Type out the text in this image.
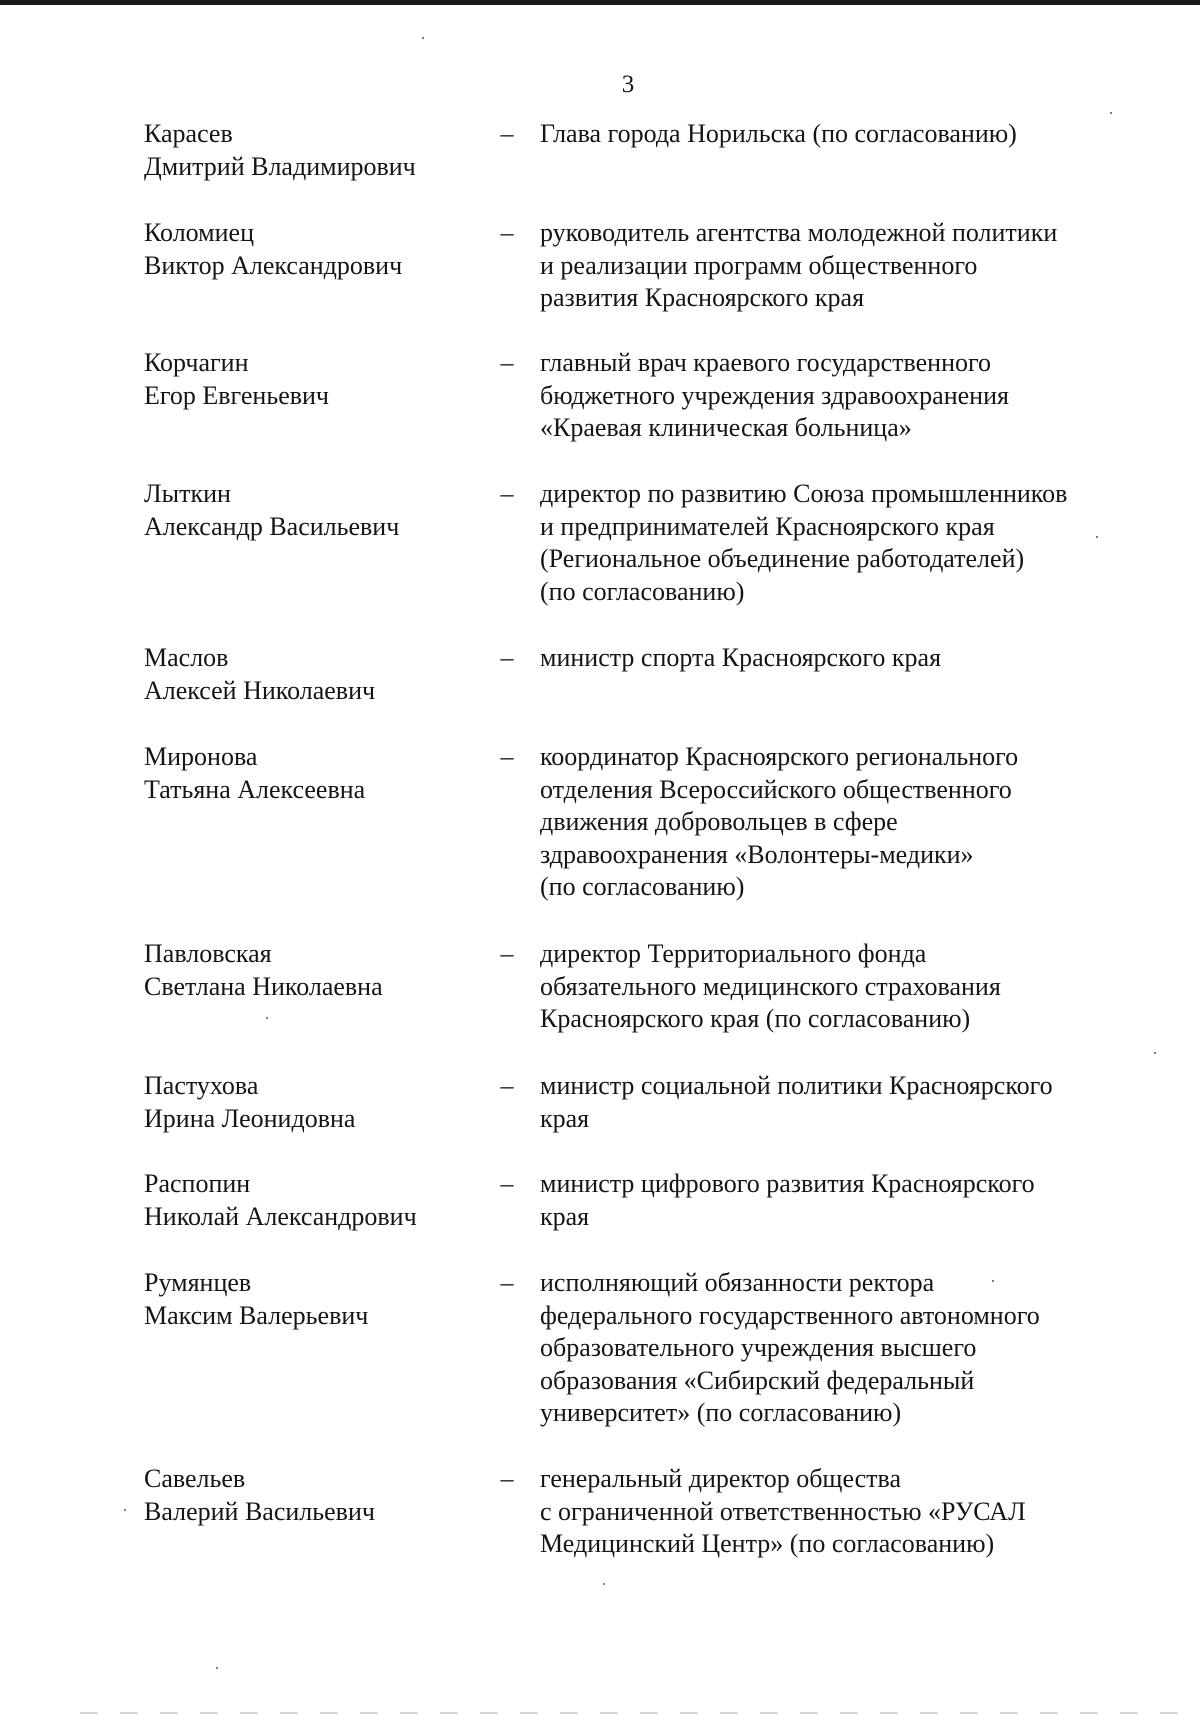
3
Карасев
Дмитрий Владимирович
– Глава города Норильска (по согласованию)
Коломиец
Виктор Александрович
– руководитель агентства молодежной политики
и реализации программ общественного
развития Красноярского края
Корчагин
Егор Евгеньевич
– главный врач краевого государственного
бюджетного учреждения здравоохранения
«Краевая клиническая больница»
Лыткин
Александр Васильевич
– директор по развитию Союза промышленников
и предпринимателей Красноярского края
(Региональное объединение работодателей)
(по согласованию)
Маслов
Алексей Николаевич
– министр спорта Красноярского края
Миронова
Татьяна Алексеевна
– координатор Красноярского регионального
отделения Всероссийского общественного
движения добровольцев в сфере
здравоохранения «Волонтеры-медики»
(по согласованию)
Павловская
Светлана Николаевна
– директор Территориального фонда
обязательного медицинского страхования
Красноярского края (по согласованию)
Пастухова
Ирина Леонидовна
– министр социальной политики Красноярского
края
Распопин
Николай Александрович
– министр цифрового развития Красноярского
края
Румянцев
Максим Валерьевич
– исполняющий обязанности ректора
федерального государственного автономного
образовательного учреждения высшего
образования «Сибирский федеральный
университет» (по согласованию)
Савельев
Валерий Васильевич
– генеральный директор общества
с ограниченной ответственностью «РУСАЛ
Медицинский Центр» (по согласованию)
